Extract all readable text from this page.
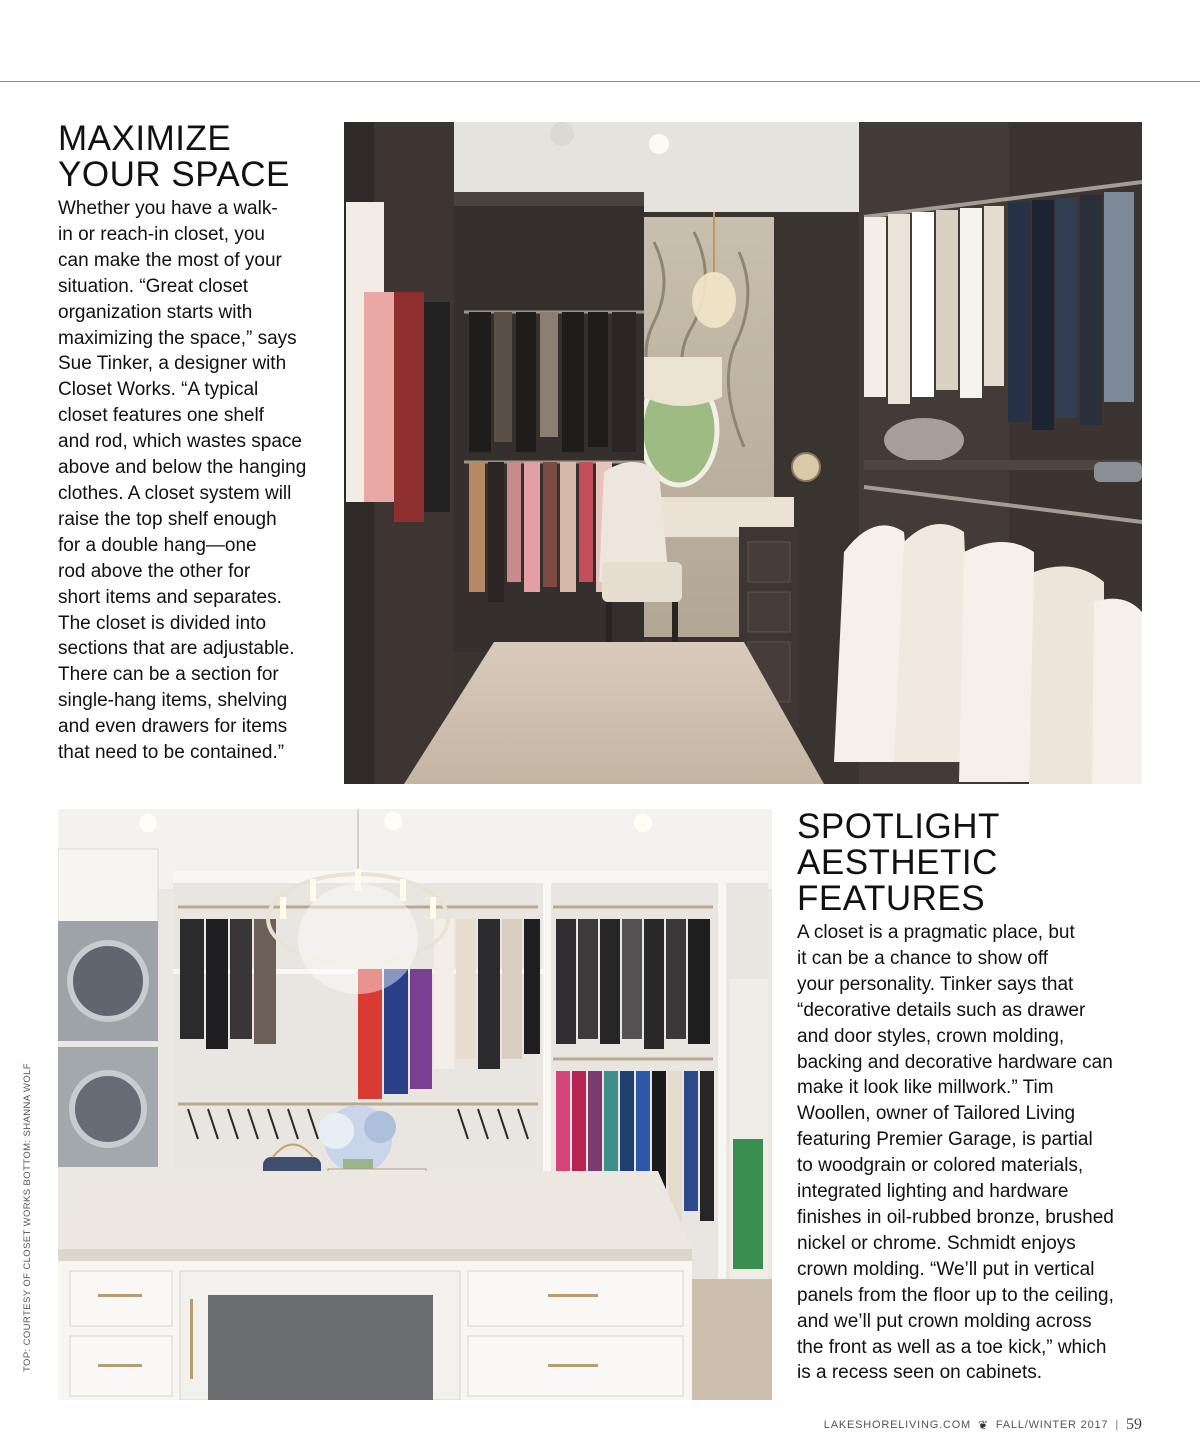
MAXIMIZE
YOUR SPACE
Whether you have a walk-
in or reach-in closet, you
can make the most of your
situation. “Great closet
organization starts with
maximizing the space,” says
Sue Tinker, a designer with
Closet Works. “A typical
closet features one shelf
and rod, which wastes space
above and below the hanging
clothes. A closet system will
raise the top shelf enough
for a double hang—one
rod above the other for
short items and separates.
The closet is divided into
sections that are adjustable.
There can be a section for
single-hang items, shelving
and even drawers for items
that need to be contained.”
SPOTLIGHT
AESTHETIC
FEATURES
A closet is a pragmatic place, but
it can be a chance to show off
your personality. Tinker says that
“decorative details such as drawer
and door styles, crown molding,
backing and decorative hardware can
make it look like millwork.” Tim
Woollen, owner of Tailored Living
featuring Premier Garage, is partial
to woodgrain or colored materials,
integrated lighting and hardware
finishes in oil-rubbed bronze, brushed
nickel or chrome. Schmidt enjoys
crown molding. “We’ll put in vertical
panels from the floor up to the ceiling,
and we’ll put crown molding across
the front as well as a toe kick,” which
is a recess seen on cabinets.
TOP: COURTESY OF CLOSET WORKS BOTTOM: SHANNA WOLF
LAKESHORELIVING.COM ❦ FALL/WINTER 2017 | 59
